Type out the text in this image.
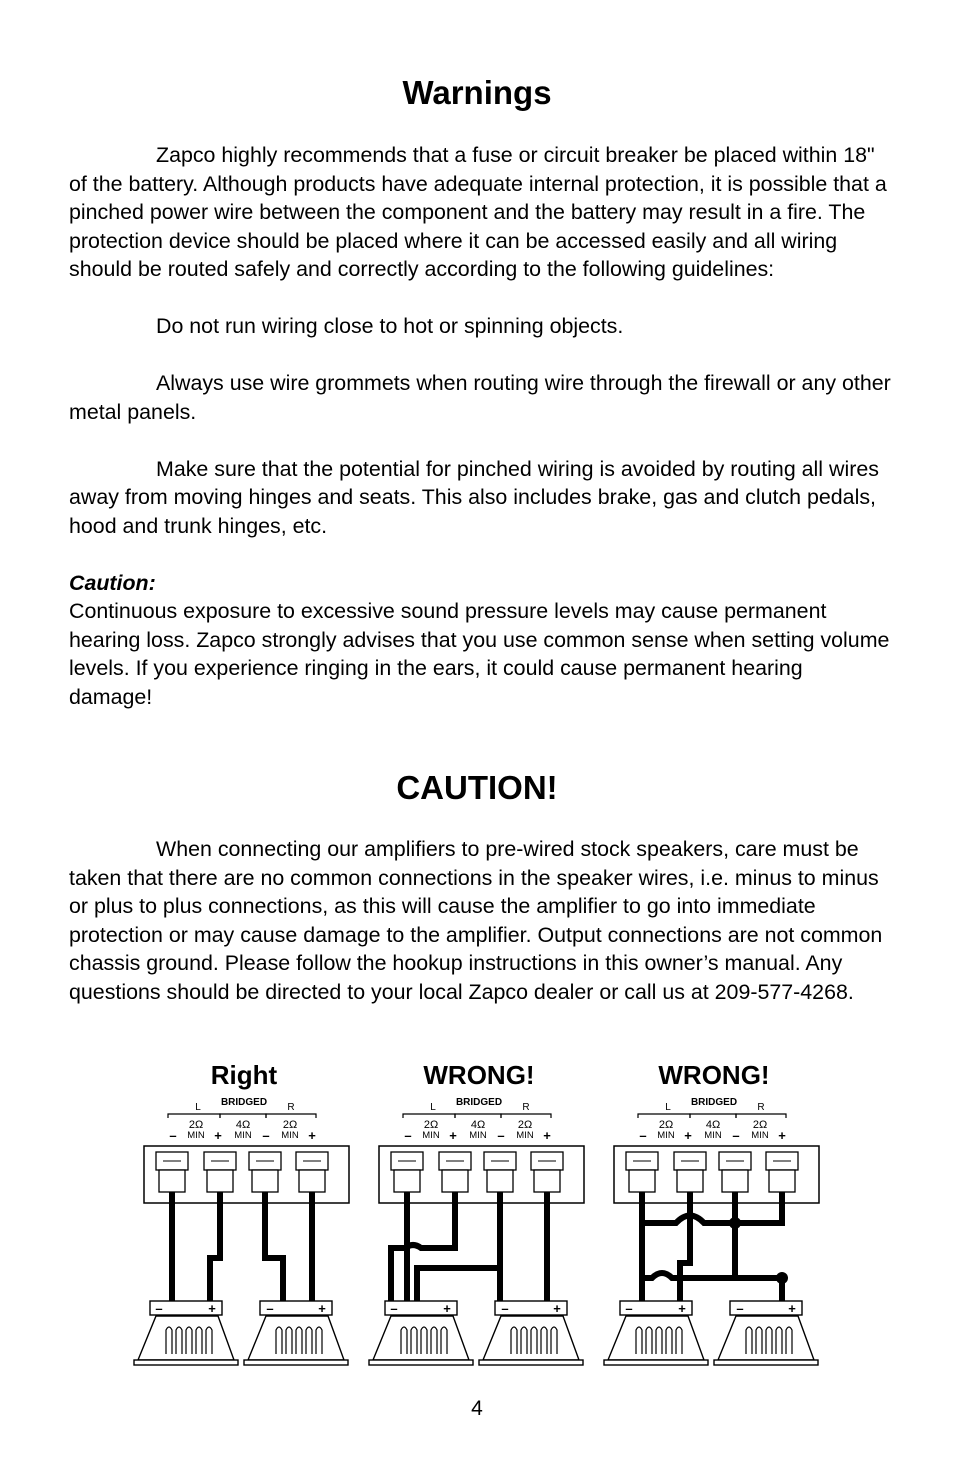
Warnings

Zapco highly recommends that a fuse or circuit breaker be placed within 18" of the battery. Although products have adequate internal protection, it is possible that a pinched power wire between the component and the battery may result in a fire. The protection device should be placed where it can be accessed easily and all wiring should be routed safely and correctly according to the following guidelines:

Do not run wiring close to hot or spinning objects.

Always use wire grommets when routing wire through the firewall or any other metal panels.

Make sure that the potential for pinched wiring is avoided by routing all wires away from moving hinges and seats. This also includes brake, gas and clutch pedals, hood and trunk hinges, etc.

Caution:

Continuous exposure to excessive sound pressure levels may cause permanent hearing loss. Zapco strongly advises that you use common sense when setting volume levels. If you experience ringing in the ears, it could cause permanent hearing damage!

CAUTION!

When connecting our amplifiers to pre-wired stock speakers, care must be taken that there are no common connections in the speaker wires, i.e. minus to minus or plus to plus connections, as this will cause the amplifier to go into immediate protection or may cause damage to the amplifier. Output connections are not common chassis ground. Please follow the hookup instructions in this owner’s manual. Any questions should be directed to your local Zapco dealer or call us at 209-577-4268.

Right
L BRIDGED R
2Ω
MIN
4Ω
MIN
2Ω
MIN
–	+	–	+
–	+	–	+
WRONG!
L BRIDGED R
2Ω
MIN
4Ω
MIN
2Ω
MIN
–	+	–	+
–	+	–	+
WRONG!
L BRIDGED R
2Ω
MIN
4Ω
MIN
2Ω
MIN
–	+	–	+
–	+	–	+
4
